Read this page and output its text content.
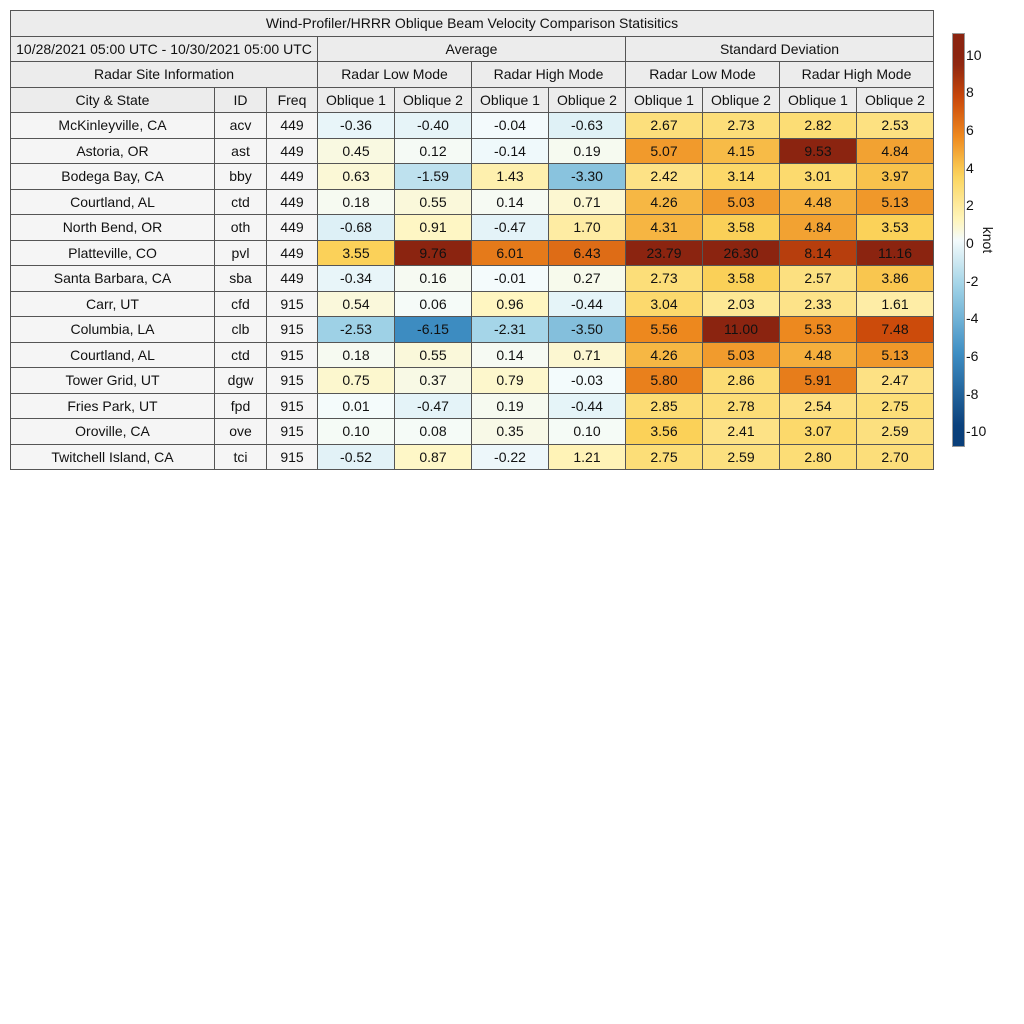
Wind-Profiler/HRRR Oblique Beam Velocity Comparison Statisitics										
10/28/2021 05:00 UTC - 10/30/2021 05:00 UTC			Average				Standard Deviation			
Radar Site Information			Radar Low Mode		Radar High Mode		Radar Low Mode		Radar High Mode	
City & State	ID	Freq	Oblique 1	Oblique 2	Oblique 1	Oblique 2	Oblique 1	Oblique 2	Oblique 1	Oblique 2
McKinleyville, CA	acv	449	-0.36	-0.40	-0.04	-0.63	2.67	2.73	2.82	2.53
Astoria, OR	ast	449	0.45	0.12	-0.14	0.19	5.07	4.15	9.53	4.84
Bodega Bay, CA	bby	449	0.63	-1.59	1.43	-3.30	2.42	3.14	3.01	3.97
Courtland, AL	ctd	449	0.18	0.55	0.14	0.71	4.26	5.03	4.48	5.13
North Bend, OR	oth	449	-0.68	0.91	-0.47	1.70	4.31	3.58	4.84	3.53
Platteville, CO	pvl	449	3.55	9.76	6.01	6.43	23.79	26.30	8.14	11.16
Santa Barbara, CA	sba	449	-0.34	0.16	-0.01	0.27	2.73	3.58	2.57	3.86
Carr, UT	cfd	915	0.54	0.06	0.96	-0.44	3.04	2.03	2.33	1.61
Columbia, LA	clb	915	-2.53	-6.15	-2.31	-3.50	5.56	11.00	5.53	7.48
Courtland, AL	ctd	915	0.18	0.55	0.14	0.71	4.26	5.03	4.48	5.13
Tower Grid, UT	dgw	915	0.75	0.37	0.79	-0.03	5.80	2.86	5.91	2.47
Fries Park, UT	fpd	915	0.01	-0.47	0.19	-0.44	2.85	2.78	2.54	2.75
Oroville, CA	ove	915	0.10	0.08	0.35	0.10	3.56	2.41	3.07	2.59
Twitchell Island, CA	tci	915	-0.52	0.87	-0.22	1.21	2.75	2.59	2.80	2.70
10
8
6
4
2
0
-2
-4
-6
-8
-10
knot
